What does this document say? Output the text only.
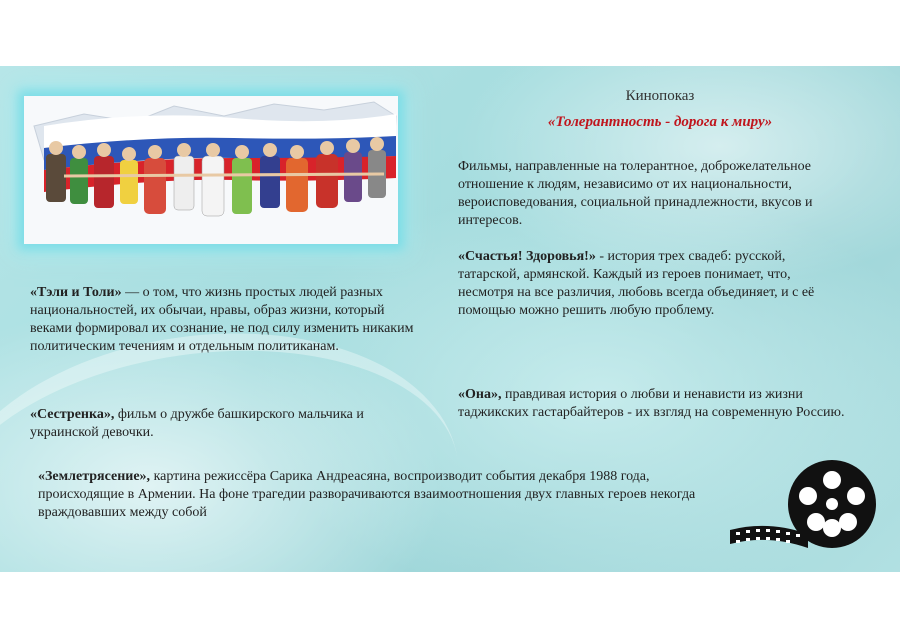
Кинопоказ
«Толерантность - дорога к миру»
Фильмы, направленные на толерантное, доброжелательное отношение к людям, независимо от их национальности, вероисповедования, социальной принадлежности, вкусов и интересов.
«Тэли и Толи» — о том, что жизнь простых людей разных национальностей, их обычаи, нравы, образ жизни, который веками формировал их сознание, не под силу изменить никаким политическим течениям и отдельным политиканам.
«Счастья! Здоровья!» - история трех свадеб: русской, татарской, армянской. Каждый из героев понимает, что, несмотря на все различия, любовь всегда объединяет, и с её помощью можно решить любую проблему.
«Сестренка», фильм о дружбе башкирского мальчика и украинской девочки.
«Она», правдивая история о любви и ненависти из жизни таджикских гастарбайтеров - их взгляд на современную Россию.
«Землетрясение», картина режиссёра Сарика Андреасяна, воспроизводит события декабря 1988 года, происходящие в Армении. На фоне трагедии разворачиваются взаимоотношения двух главных героев некогда враждовавших между собой
